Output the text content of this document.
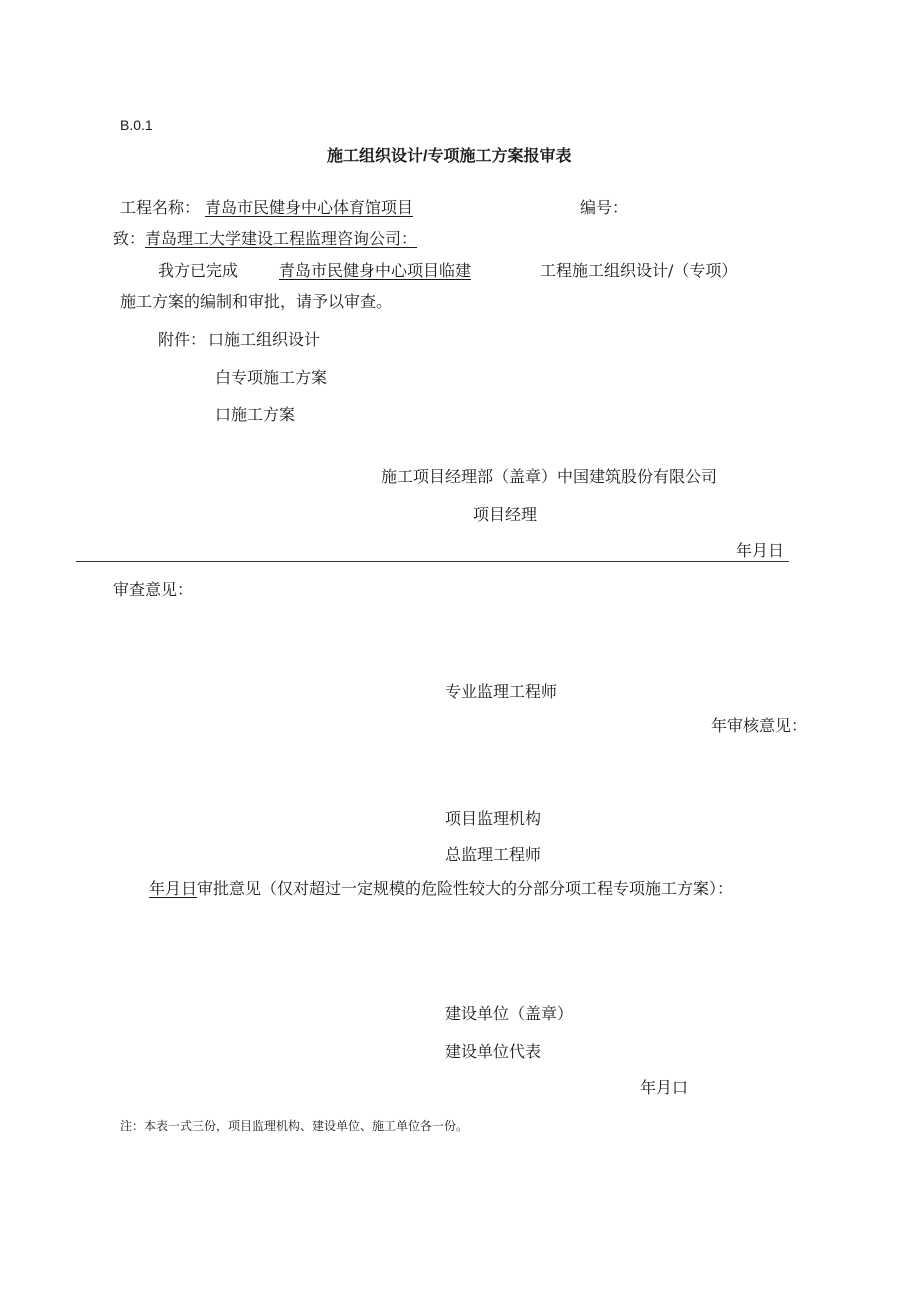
B.0.1
施工组织设计/专项施工方案报审表
工程名称： 青岛市民健身中心体育馆项目	编号：
致： 青岛理工大学建设工程监理咨询公司：
我方已完成	青岛市民健身中心项目临建	工程施工组织设计/（专项）
施工方案的编制和审批，请予以审查。
附件： 口施工组织设计
白专项施工方案
口施工方案
施工项目经理部（盖章）中国建筑股份有限公司
项目经理
年月日
审查意见：
专业监理工程师
年审核意见：
项目监理机构
总监理工程师
年月日 审批意见（仅对超过一定规模的危险性较大的分部分项工程专项施工方案）：
建设单位（盖章）
建设单位代表
年月口
注：本表一式三份，项目监理机构、建设单位、施工单位各一份。
